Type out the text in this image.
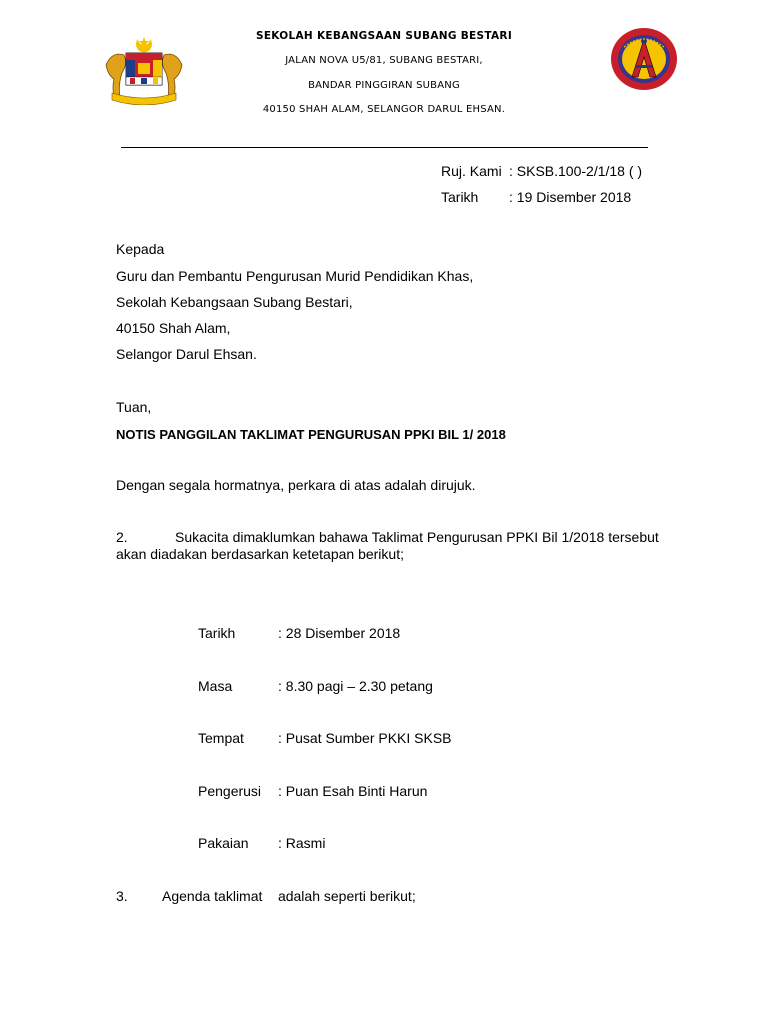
SEKOLAH KEBANGSAAN SUBANG BESTARI
JALAN NOVA U5/81, SUBANG BESTARI,
BANDAR PINGGIRAN SUBANG
40150 SHAH ALAM, SELANGOR DARUL EHSAN.
Ruj. Kami : SKSB.100-2/1/18 ( )
Tarikh : 19 Disember 2018
Kepada
Guru dan Pembantu Pengurusan Murid Pendidikan Khas,
Sekolah Kebangsaan Subang Bestari,
40150 Shah Alam,
Selangor Darul Ehsan.
Tuan,
NOTIS PANGGILAN TAKLIMAT PENGURUSAN PPKI BIL 1/ 2018
Dengan segala hormatnya, perkara di atas adalah dirujuk.
2.	Sukacita dimaklumkan bahawa Taklimat Pengurusan PPKI Bil 1/2018 tersebut
akan diadakan berdasarkan ketetapan berikut;
Tarikh	: 28 Disember 2018
Masa	: 8.30 pagi – 2.30 petang
Tempat : Pusat Sumber PKKI SKSB
Pengerusi : Puan Esah Binti Harun
Pakaian : Rasmi
3. Agenda taklimat    adalah seperti berikut;
